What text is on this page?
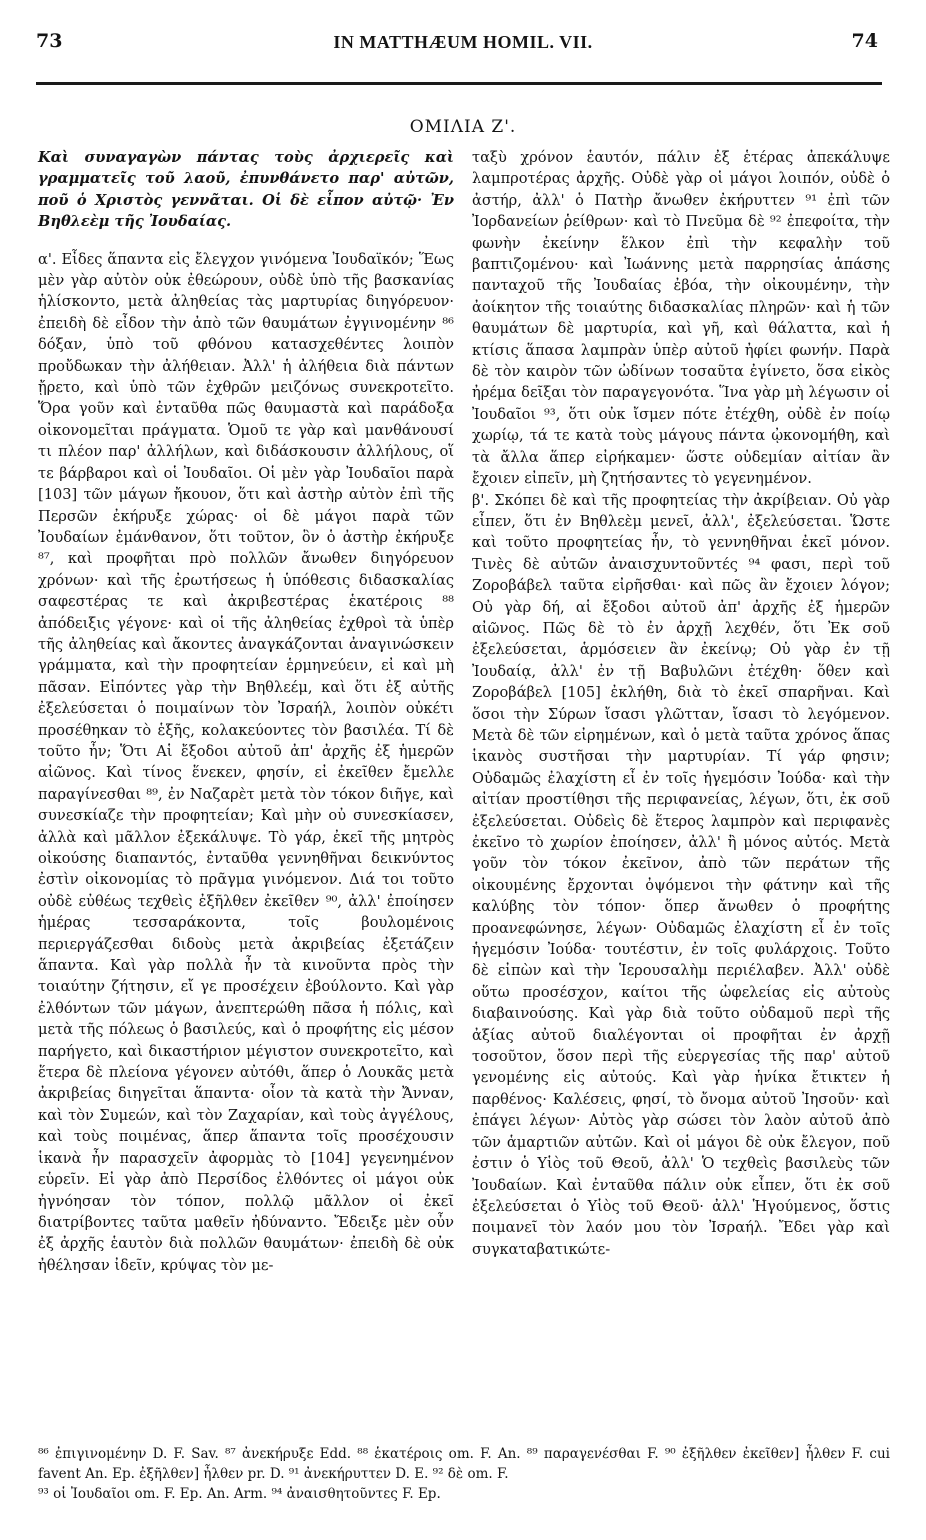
73	IN MATTHÆUM HOMIL. VII.	74
ΟΜΙΛΙΑ Ζ'.

Καὶ συναγαγὼν πάντας τοὺς ἀρχιερεῖς καὶ γραμματεῖς τοῦ λαοῦ, ἐπυνθάνετο παρ' αὐτῶν, ποῦ ὁ Χριστὸς γεννᾶται. Οἱ δὲ εἶπον αὐτῷ· Ἐν Βηθλεὲμ τῆς Ἰουδαίας.

α'. Εἶδες ἅπαντα εἰς ἔλεγχον γινόμενα Ἰουδαϊκόν; Ἕως μὲν γὰρ αὐτὸν οὐκ ἐθεώρουν, οὐδὲ ὑπὸ τῆς βασκανίας ἡλίσκοντο, μετὰ ἀληθείας τὰς μαρτυρίας διηγόρευον· ἐπειδὴ δὲ εἶδον τὴν ἀπὸ τῶν θαυμάτων ἐγγινομένην ⁸⁶ δόξαν, ὑπὸ τοῦ φθόνου κατασχεθέντες λοιπὸν προὔδωκαν τὴν ἀλήθειαν. Ἀλλ' ἡ ἀλήθεια διὰ πάντων ᾔρετο, καὶ ὑπὸ τῶν ἐχθρῶν μειζόνως συνεκροτεῖτο. Ὅρα γοῦν καὶ ἐνταῦθα πῶς θαυμαστὰ καὶ παράδοξα οἰκονομεῖται πράγματα. Ὁμοῦ τε γὰρ καὶ μανθάνουσί τι πλέον παρ' ἀλλήλων, καὶ διδάσκουσιν ἀλλήλους, οἵ τε βάρβαροι καὶ οἱ Ἰουδαῖοι. Οἱ μὲν γὰρ Ἰουδαῖοι παρὰ [103] τῶν μάγων ἤκουον, ὅτι καὶ ἀστὴρ αὐτὸν ἐπὶ τῆς Περσῶν ἐκήρυξε χώρας· οἱ δὲ μάγοι παρὰ τῶν Ἰουδαίων ἐμάνθανον, ὅτι τοῦτον, ὃν ὁ ἀστὴρ ἐκήρυξε ⁸⁷, καὶ προφῆται πρὸ πολλῶν ἄνωθεν διηγόρευον χρόνων· καὶ τῆς ἐρωτήσεως ἡ ὑπόθεσις διδασκαλίας σαφεστέρας τε καὶ ἀκριβεστέρας ἑκατέροις ⁸⁸ ἀπόδειξις γέγονε· καὶ οἱ τῆς ἀληθείας ἐχθροὶ τὰ ὑπὲρ τῆς ἀληθείας καὶ ἄκοντες ἀναγκάζονται ἀναγινώσκειν γράμματα, καὶ τὴν προφητείαν ἑρμηνεύειν, εἰ καὶ μὴ πᾶσαν. Εἰπόντες γὰρ τὴν Βηθλεέμ, καὶ ὅτι ἐξ αὐτῆς ἐξελεύσεται ὁ ποιμαίνων τὸν Ἰσραήλ, λοιπὸν οὐκέτι προσέθηκαν τὸ ἑξῆς, κολακεύοντες τὸν βασιλέα. Τί δὲ τοῦτο ἦν; Ὅτι Αἱ ἔξοδοι αὐτοῦ ἀπ' ἀρχῆς ἐξ ἡμερῶν αἰῶνος. Καὶ τίνος ἕνεκεν, φησίν, εἰ ἐκεῖθεν ἔμελλε παραγίνεσθαι ⁸⁹, ἐν Ναζαρὲτ μετὰ τὸν τόκον διῆγε, καὶ συνεσκίαζε τὴν προφητείαν; Καὶ μὴν οὐ συνεσκίασεν, ἀλλὰ καὶ μᾶλλον ἐξεκάλυψε. Τὸ γάρ, ἐκεῖ τῆς μητρὸς οἰκούσης διαπαντός, ἐνταῦθα γεννηθῆναι δεικνύντος ἐστὶν οἰκονομίας τὸ πρᾶγμα γινόμενον. Διά τοι τοῦτο οὐδὲ εὐθέως τεχθεὶς ἐξῆλθεν ἐκεῖθεν ⁹⁰, ἀλλ' ἐποίησεν ἡμέρας τεσσαράκοντα, τοῖς βουλομένοις περιεργάζεσθαι διδοὺς μετὰ ἀκριβείας ἐξετάζειν ἅπαντα. Καὶ γὰρ πολλὰ ἦν τὰ κινοῦντα πρὸς τὴν τοιαύτην ζήτησιν, εἴ γε προσέχειν ἐβούλοντο. Καὶ γὰρ ἐλθόντων τῶν μάγων, ἀνεπτερώθη πᾶσα ἡ πόλις, καὶ μετὰ τῆς πόλεως ὁ βασιλεύς, καὶ ὁ προφήτης εἰς μέσον παρήγετο, καὶ δικαστήριον μέγιστον συνεκροτεῖτο, καὶ ἕτερα δὲ πλείονα γέγονεν αὐτόθι, ἅπερ ὁ Λουκᾶς μετὰ ἀκριβείας διηγεῖται ἅπαντα· οἷον τὰ κατὰ τὴν Ἄνναν, καὶ τὸν Συμεών, καὶ τὸν Ζαχαρίαν, καὶ τοὺς ἀγγέλους, καὶ τοὺς ποιμένας, ἅπερ ἅπαντα τοῖς προσέχουσιν ἱκανὰ ἦν παρασχεῖν ἀφορμὰς τὸ [104] γεγενημένον εὑρεῖν. Εἰ γὰρ ἀπὸ Περσίδος ἐλθόντες οἱ μάγοι οὐκ ἠγνόησαν τὸν τόπον, πολλῷ μᾶλλον οἱ ἐκεῖ διατρίβοντες ταῦτα μαθεῖν ἠδύναντο. Ἔδειξε μὲν οὖν ἐξ ἀρχῆς ἑαυτὸν διὰ πολλῶν θαυμάτων· ἐπειδὴ δὲ οὐκ ἠθέλησαν ἰδεῖν, κρύψας τὸν με-

ταξὺ χρόνον ἑαυτόν, πάλιν ἐξ ἑτέρας ἀπεκάλυψε λαμπροτέρας ἀρχῆς. Οὐδὲ γὰρ οἱ μάγοι λοιπόν, οὐδὲ ὁ ἀστήρ, ἀλλ' ὁ Πατὴρ ἄνωθεν ἐκήρυττεν ⁹¹ ἐπὶ τῶν Ἰορδανείων ῥείθρων· καὶ τὸ Πνεῦμα δὲ ⁹² ἐπεφοίτα, τὴν φωνὴν ἐκείνην ἕλκον ἐπὶ τὴν κεφαλὴν τοῦ βαπτιζομένου· καὶ Ἰωάννης μετὰ παρρησίας ἁπάσης πανταχοῦ τῆς Ἰουδαίας ἐβόα, τὴν οἰκουμένην, τὴν ἀοίκητον τῆς τοιαύτης διδασκαλίας πληρῶν· καὶ ἡ τῶν θαυμάτων δὲ μαρτυρία, καὶ γῆ, καὶ θάλαττα, καὶ ἡ κτίσις ἅπασα λαμπρὰν ὑπὲρ αὐτοῦ ἠφίει φωνήν. Παρὰ δὲ τὸν καιρὸν τῶν ὠδίνων τοσαῦτα ἐγίνετο, ὅσα εἰκὸς ἠρέμα δεῖξαι τὸν παραγεγονότα. Ἵνα γὰρ μὴ λέγωσιν οἱ Ἰουδαῖοι ⁹³, ὅτι οὐκ ἴσμεν πότε ἐτέχθη, οὐδὲ ἐν ποίῳ χωρίῳ, τά τε κατὰ τοὺς μάγους πάντα ᾠκονομήθη, καὶ τὰ ἄλλα ἅπερ εἰρήκαμεν· ὥστε οὐδεμίαν αἰτίαν ἂν ἔχοιεν εἰπεῖν, μὴ ζητήσαντες τὸ γεγενημένον.

β'. Σκόπει δὲ καὶ τῆς προφητείας τὴν ἀκρίβειαν. Οὐ γὰρ εἶπεν, ὅτι ἐν Βηθλεὲμ μενεῖ, ἀλλ', ἐξελεύσεται. Ὥστε καὶ τοῦτο προφητείας ἦν, τὸ γεννηθῆναι ἐκεῖ μόνον. Τινὲς δὲ αὐτῶν ἀναισχυντοῦντές ⁹⁴ φασι, περὶ τοῦ Ζοροβάβελ ταῦτα εἰρῆσθαι· καὶ πῶς ἂν ἔχοιεν λόγον; Οὐ γὰρ δή, αἱ ἔξοδοι αὐτοῦ ἀπ' ἀρχῆς ἐξ ἡμερῶν αἰῶνος. Πῶς δὲ τὸ ἐν ἀρχῇ λεχθέν, ὅτι Ἐκ σοῦ ἐξελεύσεται, ἁρμόσειεν ἂν ἐκείνῳ; Οὐ γὰρ ἐν τῇ Ἰουδαίᾳ, ἀλλ' ἐν τῇ Βαβυλῶνι ἐτέχθη· ὅθεν καὶ Ζοροβάβελ [105] ἐκλήθη, διὰ τὸ ἐκεῖ σπαρῆναι. Καὶ ὅσοι τὴν Σύρων ἴσασι γλῶτταν, ἴσασι τὸ λεγόμενον. Μετὰ δὲ τῶν εἰρημένων, καὶ ὁ μετὰ ταῦτα χρόνος ἅπας ἱκανὸς συστῆσαι τὴν μαρτυρίαν. Τί γάρ φησιν; Οὐδαμῶς ἐλαχίστη εἶ ἐν τοῖς ἡγεμόσιν Ἰούδα· καὶ τὴν αἰτίαν προστίθησι τῆς περιφανείας, λέγων, ὅτι, ἐκ σοῦ ἐξελεύσεται. Οὐδεὶς δὲ ἕτερος λαμπρὸν καὶ περιφανὲς ἐκεῖνο τὸ χωρίον ἐποίησεν, ἀλλ' ἢ μόνος αὐτός. Μετὰ γοῦν τὸν τόκον ἐκεῖνον, ἀπὸ τῶν περάτων τῆς οἰκουμένης ἔρχονται ὀψόμενοι τὴν φάτνην καὶ τῆς καλύβης τὸν τόπον· ὅπερ ἄνωθεν ὁ προφήτης προανεφώνησε, λέγων· Οὐδαμῶς ἐλαχίστη εἶ ἐν τοῖς ἡγεμόσιν Ἰούδα· τουτέστιν, ἐν τοῖς φυλάρχοις. Τοῦτο δὲ εἰπὼν καὶ τὴν Ἱερουσαλὴμ περιέλαβεν. Ἀλλ' οὐδὲ οὕτω προσέσχον, καίτοι τῆς ὠφελείας εἰς αὐτοὺς διαβαινούσης. Καὶ γὰρ διὰ τοῦτο οὐδαμοῦ περὶ τῆς ἀξίας αὐτοῦ διαλέγονται οἱ προφῆται ἐν ἀρχῇ τοσοῦτον, ὅσον περὶ τῆς εὐεργεσίας τῆς παρ' αὐτοῦ γενομένης εἰς αὐτούς. Καὶ γὰρ ἡνίκα ἔτικτεν ἡ παρθένος· Καλέσεις, φησί, τὸ ὄνομα αὐτοῦ Ἰησοῦν· καὶ ἐπάγει λέγων· Αὐτὸς γὰρ σώσει τὸν λαὸν αὐτοῦ ἀπὸ τῶν ἁμαρτιῶν αὐτῶν. Καὶ οἱ μάγοι δὲ οὐκ ἔλεγον, ποῦ ἐστιν ὁ Υἱὸς τοῦ Θεοῦ, ἀλλ' Ὁ τεχθεὶς βασιλεὺς τῶν Ἰουδαίων. Καὶ ἐνταῦθα πάλιν οὐκ εἶπεν, ὅτι ἐκ σοῦ ἐξελεύσεται ὁ Υἱὸς τοῦ Θεοῦ· ἀλλ' Ἡγούμενος, ὅστις ποιμανεῖ τὸν λαόν μου τὸν Ἰσραήλ. Ἔδει γὰρ καὶ συγκαταβατικώτε-

⁸⁶ ἐπιγινομένην D. F. Sav. ⁸⁷ ἀνεκήρυξε Edd. ⁸⁸ ἑκατέροις om. F. An. ⁸⁹ παραγενέσθαι F. ⁹⁰ ἐξῆλθεν ἐκεῖθεν] ἦλθεν F. cui favent An. Ep. ἐξῆλθεν] ἦλθεν pr. D. ⁹¹ ἀνεκήρυττεν D. E. ⁹² δὲ om. F.

⁹³ οἱ Ἰουδαῖοι om. F. Ep. An. Arm. ⁹⁴ ἀναισθητοῦντες F. Ep.
